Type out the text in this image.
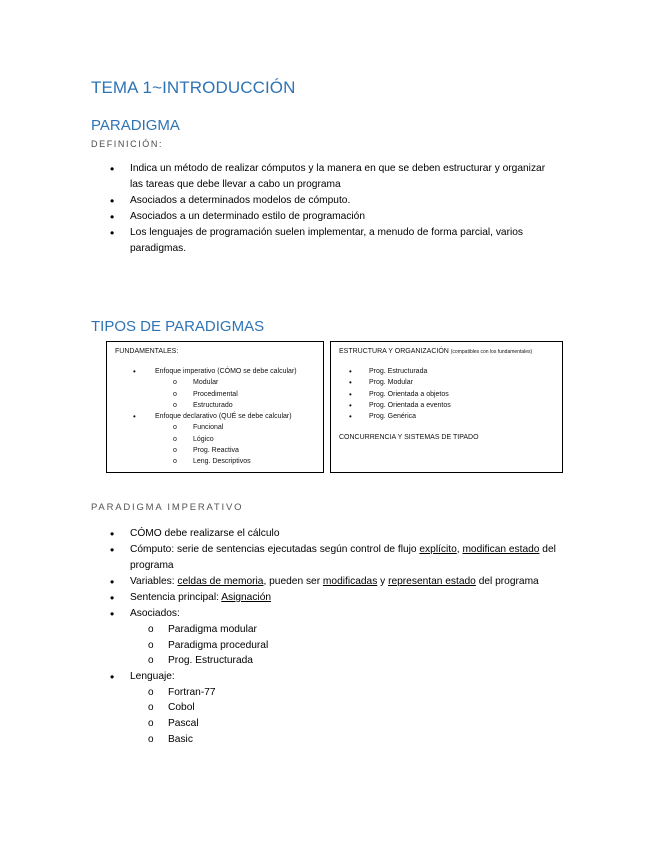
TEMA 1~INTRODUCCIÓN
PARADIGMA
DEFINICIÓN:
• Indica un método de realizar cómputos y la manera en que se deben estructurar y organizar las tareas que debe llevar a cabo un programa
• Asociados a determinados modelos de cómputo.
• Asociados a un determinado estilo de programación
• Los lenguajes de programación suelen implementar, a menudo de forma parcial, varios paradigmas.
TIPOS DE PARADIGMAS
FUNDAMENTALES:
• Enfoque imperativo (CÓMO se debe calcular)
o Modular
o Procedimental
o Estructurado
• Enfoque declarativo (QUÉ se debe calcular)
o Funcional
o Lógico
o Prog. Reactiva
o Leng. Descriptivos
ESTRUCTURA Y ORGANIZACIÓN (compatibles con los fundamentales)
• Prog. Estructurada
• Prog. Modular
• Prog. Orientada a objetos
• Prog. Orientada a eventos
• Prog. Genérica
CONCURRENCIA Y SISTEMAS DE TIPADO
PARADIGMA IMPERATIVO
• CÓMO debe realizarse el cálculo
• Cómputo: serie de sentencias ejecutadas según control de flujo explícito, modifican estado del programa
• Variables: celdas de memoria, pueden ser modificadas y representan estado del programa
• Sentencia principal: Asignación
• Asociados:
o Paradigma modular
o Paradigma procedural
o Prog. Estructurada
• Lenguaje:
o Fortran-77
o Cobol
o Pascal
o Basic
